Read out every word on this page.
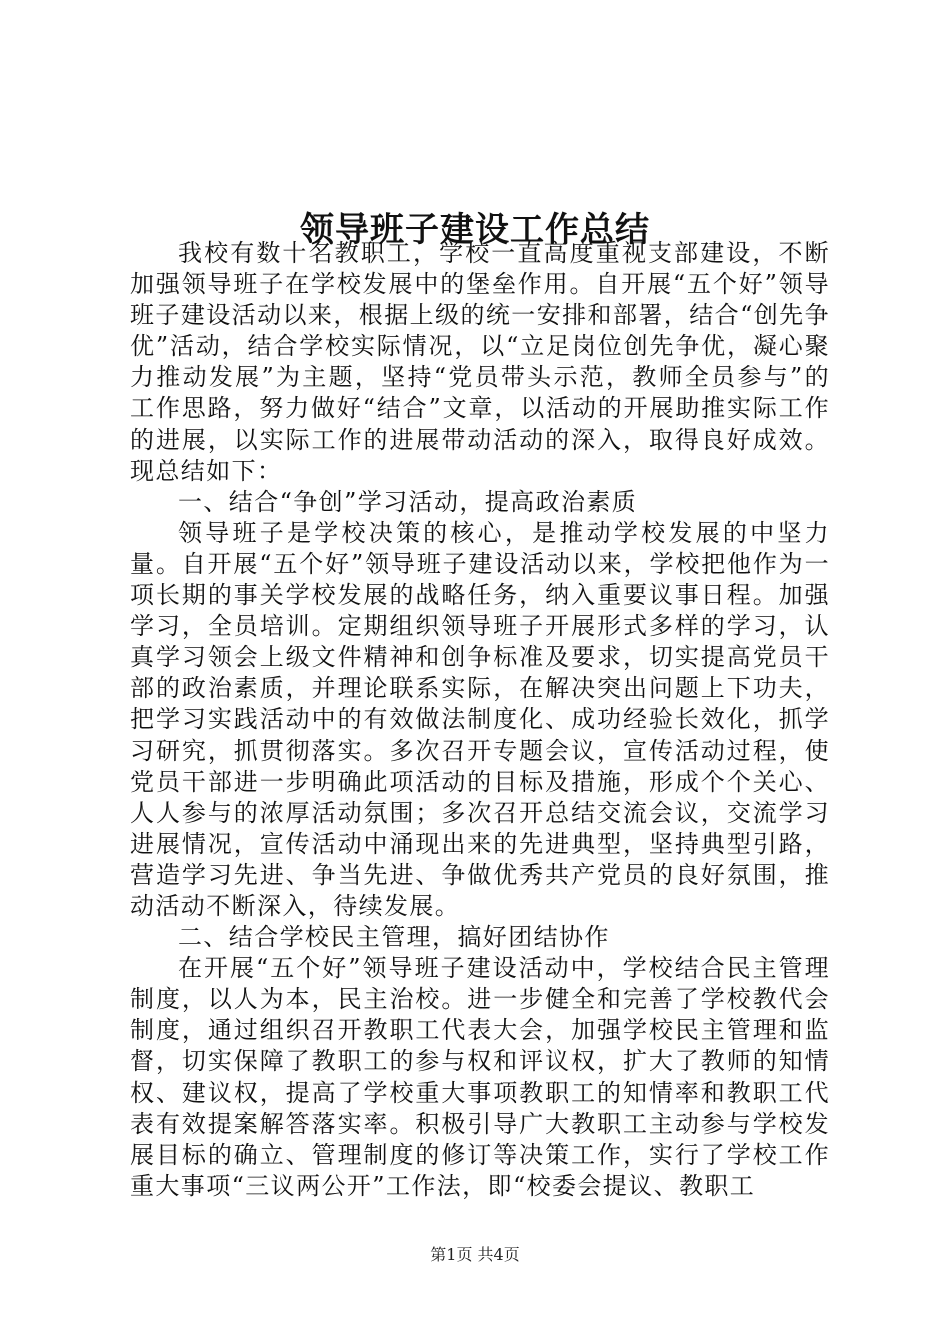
领导班子建设工作总结

我校有数十名教职工，学校一直高度重视支部建设，不断加强领导班子在学校发展中的堡垒作用。自开展“五个好”领导班子建设活动以来，根据上级的统一安排和部署，结合“创先争优”活动，结合学校实际情况，以“立足岗位创先争优，凝心聚力推动发展”为主题，坚持“党员带头示范，教师全员参与”的工作思路，努力做好“结合”文章，以活动的开展助推实际工作的进展，以实际工作的进展带动活动的深入，取得良好成效。现总结如下：

一、结合“争创”学习活动，提高政治素质

领导班子是学校决策的核心，是推动学校发展的中坚力量。自开展“五个好”领导班子建设活动以来，学校把他作为一项长期的事关学校发展的战略任务，纳入重要议事日程。加强学习，全员培训。定期组织领导班子开展形式多样的学习，认真学习领会上级文件精神和创争标准及要求，切实提高党员干部的政治素质，并理论联系实际，在解决突出问题上下功夫，把学习实践活动中的有效做法制度化、成功经验长效化，抓学习研究，抓贯彻落实。多次召开专题会议，宣传活动过程，使党员干部进一步明确此项活动的目标及措施，形成个个关心、人人参与的浓厚活动氛围；多次召开总结交流会议，交流学习进展情况，宣传活动中涌现出来的先进典型，坚持典型引路，营造学习先进、争当先进、争做优秀共产党员的良好氛围，推动活动不断深入，待续发展。

二、结合学校民主管理，搞好团结协作

在开展“五个好”领导班子建设活动中，学校结合民主管理制度，以人为本，民主治校。进一步健全和完善了学校教代会制度，通过组织召开教职工代表大会，加强学校民主管理和监督，切实保障了教职工的参与权和评议权，扩大了教师的知情权、建议权，提高了学校重大事项教职工的知情率和教职工代表有效提案解答落实率。积极引导广大教职工主动参与学校发展目标的确立、管理制度的修订等决策工作，实行了学校工作重大事项“三议两公开”工作法，即“校委会提议、教职工

第1页 共4页
